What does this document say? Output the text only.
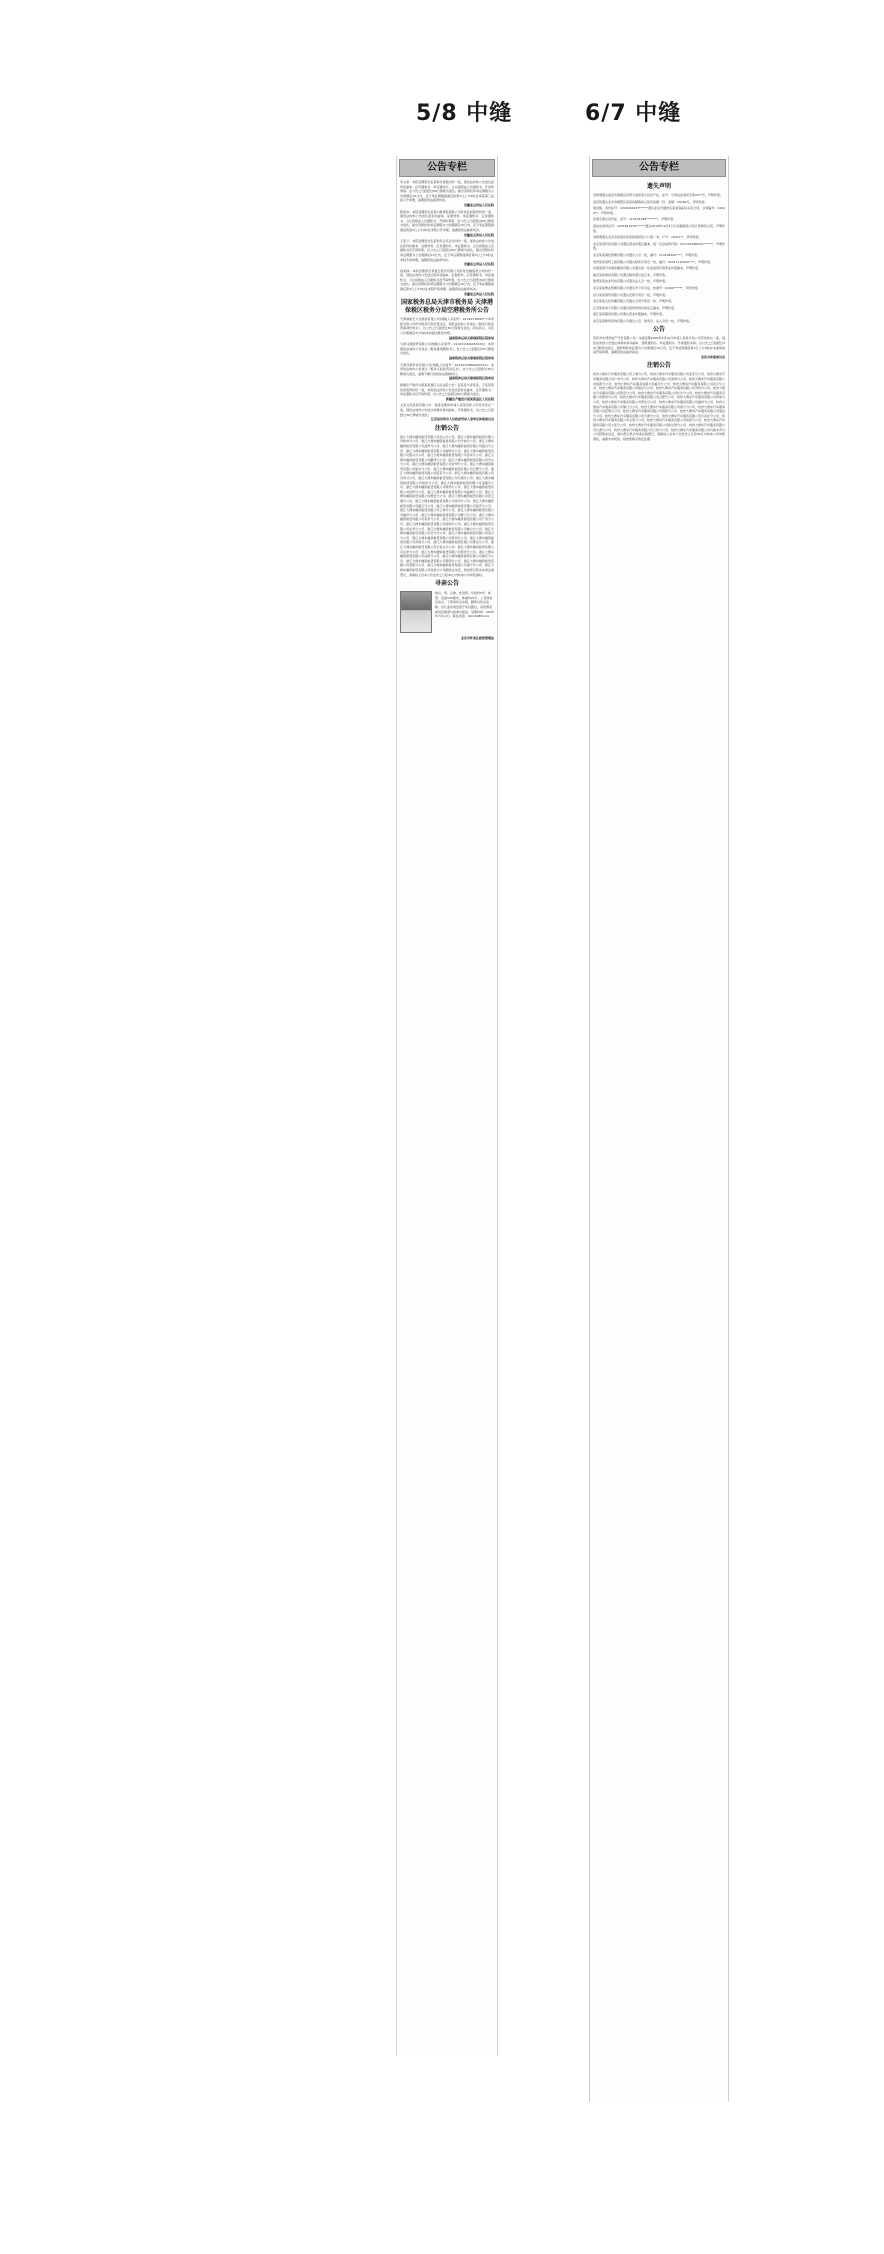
5/8 中缝	6/7 中缝
公告专栏
李文某：本院受理原告张某诉你离婚纠纷一案，现依法向你公告送达起诉状副本、应诉通知书、举证通知书、合议庭组成人员通知书、开庭传票等。自公告之日起经过60日即视为送达。提出答辩状和举证期限为公告期满后15日内，定于举证期限届满后的第3日上午9时在本院第三法庭公开审理，逾期将依法缺席判决。
安徽省五河县人民法院
陈某伟：本院受理原告某某小额贷款有限公司诉你民间借贷纠纷一案，现依法向你公告送达起诉状副本、证据材料、举证通知书、应诉通知书、合议庭组成人员通知书、开庭传票等。自公告之日起经过60日即视为送达。提出答辩状和举证期限为公告期满后15日内，定于举证期限届满后的第3日上午9时在本院公开审理，逾期将依法缺席判决。
安徽省五河县人民法院
王某兰：本院受理原告张某诉你买卖合同纠纷一案，现依法向你公告送达起诉状副本、证据材料、应诉通知书、举证通知书、合议庭组成人员通知书及开庭传票。自公告之日起经过60日即视为送达，提出答辩状和举证期限为公告期满后15日内，定于举证期限届满后第3日上午9时在本院开庭审理，逾期将依法缺席判决。
安徽省五河县人民法院
钱某林：本院受理原告某银行股份有限公司诉你金融借款合同纠纷一案，现依法向你公告送达起诉状副本、证据材料、应诉通知书、举证通知书、合议庭组成人员通知书及开庭传票。自公告之日起经过60日即视为送达。提出答辩状和举证期限为公告期满后15日内，定于举证期限届满后第3日上午9时在本院开庭审理，逾期将依法缺席判决。
安徽省五河县人民法院
国家税务总局天津市税务局 天津港保税区税务分局空港税务所公告
天津港航空大化新能有限公司(纳税人识别号：91120118MA**):本所拟对你公司作出税务行政处罚决定，现依法向你公告送达《税务行政处罚事项告知书》，自公告之日起经过30日即视为送达。如有异议，可在公告期满后3日内向本局提出陈述申辩。
国家税务总局天津港保税区税务局
天津马网商贸有限公司(纳税人识别号：9112011MA06XXXX)：本所现依法向你公告送达《税务事项通知书》，自公告之日起经过30日即视为送达。
国家税务总局天津港保税区税务局
天津佳新科技有限公司(纳税人识别号：91120118MA06XXXX)：本所依法向你公告送达《税务行政处罚决定书》，自公告之日起经过30日即视为送达，逾期不履行的将依法强制执行。
国家税务总局天津港保税区税务局
新疆生产建设兵团某某垦区人民法院公告：张某某与李某某、王某某等民间借贷纠纷一案，本院依法向你公告送达起诉状副本、应诉通知书、举证通知书及开庭传票，自公告之日起经过60日即视为送达。
新疆生产建设兵团某某垦区人民法院
文某文化投资有限公司：我委受理的申请人某某诉你公司劳动争议一案，现依法向你公告送达仲裁申请书副本、开庭通知书，自公告之日起经过30日即视为送达。
江苏省常州市人民政府劳动人事争议仲裁委员会
注销公告
浙江大搜车融资租赁有限公司北山分公司、浙江大搜车融资租赁有限公司杭州分公司、浙江大搜车融资租赁有限公司宁波分公司、浙江大搜车融资租赁有限公司温州分公司、浙江大搜车融资租赁有限公司嘉兴分公司、浙江大搜车融资租赁有限公司湖州分公司、浙江大搜车融资租赁有限公司绍兴分公司、浙江大搜车融资租赁有限公司金华分公司、浙江大搜车融资租赁有限公司衢州分公司、浙江大搜车融资租赁有限公司舟山分公司、浙江大搜车融资租赁有限公司台州分公司、浙江大搜车融资租赁有限公司丽水分公司、浙江大搜车融资租赁有限公司合肥分公司、浙江大搜车融资租赁有限公司南京分公司、浙江大搜车融资租赁有限公司苏州分公司、浙江大搜车融资租赁有限公司无锡分公司、浙江大搜车融资租赁有限公司常州分公司、浙江大搜车融资租赁有限公司南通分公司、浙江大搜车融资租赁有限公司徐州分公司、浙江大搜车融资租赁有限公司扬州分公司、浙江大搜车融资租赁有限公司盐城分公司、浙江大搜车融资租赁有限公司淮安分公司、浙江大搜车融资租赁有限公司连云港分公司、浙江大搜车融资租赁有限公司泰州分公司、浙江大搜车融资租赁有限公司镇江分公司、浙江大搜车融资租赁有限公司宿迁分公司、浙江大搜车融资租赁有限公司上海分公司、浙江大搜车融资租赁有限公司福州分公司、浙江大搜车融资租赁有限公司厦门分公司、浙江大搜车融资租赁有限公司泉州分公司、浙江大搜车融资租赁有限公司广州分公司、浙江大搜车融资租赁有限公司深圳分公司、浙江大搜车融资租赁有限公司东莞分公司、浙江大搜车融资租赁有限公司佛山分公司、浙江大搜车融资租赁有限公司长沙分公司、浙江大搜车融资租赁有限公司武汉分公司、浙江大搜车融资租赁有限公司郑州分公司、浙江大搜车融资租赁有限公司济南分公司、浙江大搜车融资租赁有限公司青岛分公司、浙江大搜车融资租赁有限公司石家庄分公司、浙江大搜车融资租赁有限公司太原分公司、浙江大搜车融资租赁有限公司西安分公司、浙江大搜车融资租赁有限公司成都分公司、浙江大搜车融资租赁有限公司重庆分公司、浙江大搜车融资租赁有限公司昆明分公司、浙江大搜车融资租赁有限公司贵阳分公司、浙江大搜车融资租赁有限公司南宁分公司、浙江大搜车融资租赁有限公司南昌分公司经股东决定，拟向登记机关申请注销登记，请债权人自本公告发布之日起45日内向本公司申报债权。
寻亲公告
姚兵，男，汉族，性别男，年龄约5岁，体型：身高105厘米，体重约22斤，上穿绿色运动衣，下穿绿色运动裤，脚穿白色运动鞋。该儿童系被发现于某村路边，有知情者或其亲属请与我单位联系。受理时间：2025年7月12日。联系电话：010-6985xxxx
北京市怀柔区救助管理站
公告专栏
遗失声明
吴智明遗失南京市建邺区河西大街某某小区房产证，证号：宁房权证建初字第20**号，声明作废。
昌及筑遗失北京市朝阳区某某房屋购房合同及收据一份，金额：23180元，声明作废。
周会骏，身份证号：4304261973******遗失北京市通州区某某商品房买卖合同，合同编号：X4420**，声明作废。
张明冬遗失身份证，证号：110105198********，声明作废。
高成东身份证号：2201821979******遗失2019年10月1日与房屋销售方签订的购房合同，声明作废。
刘建明遗失北京市某某区某某街道居民户口簿一本，户号：10011**，声明作废。
北京某某科技有限公司遗失营业执照正副本，统一社会信用代码：91110108MA01******，声明作废。
北京某某餐饮管理有限公司遗失公章一枚，编号：110108100****，声明作废。
贵州某某建筑工程有限公司遗失财务专用章一枚，编号：52011110000****，声明作废。
河南某某汽车销售服务有限公司遗失统一社会信用代码营业执照副本，声明作废。
重庆某某建材有限公司遗失税务登记证正本，声明作废。
陕西某某农业科技有限公司遗失法人章一枚，声明作废。
北京某某物业管理有限公司遗失开户许可证，核准号：J1000******，声明作废。
四川某某商贸有限公司遗失发票专用章一枚，声明作废。
北京某某文化传播有限公司遗失合同专用章一枚，声明作废。
江苏某某电子有限公司遗失组织机构代码证正副本，声明作废。
浙江某某服饰有限公司遗失营业执照副本，声明作废。
北京某某教育咨询有限公司遗失公章、财务章、法人章各一枚，声明作废。
公告
雪花市华邦房地产开发有限公司：本委受理2025年6月10日申请人某某与你公司劳动争议一案，现依法向你公告送达仲裁申请书副本、答辩通知书、举证通知书、开庭通知书等。自公告之日起经过30日即视为送达，答辩期和举证期为公告期满后10日内，定于举证期满后第3日上午9时在本委仲裁庭开庭审理，逾期将依法缺席裁决。
雪花市仲裁委员会
注销公告
杭州大搜车汽车服务有限公司上海分公司、杭州大搜车汽车服务有限公司北京分公司、杭州大搜车汽车服务有限公司广州分公司、杭州大搜车汽车服务有限公司深圳分公司、杭州大搜车汽车服务有限公司成都分公司、杭州大搜车汽车服务有限公司重庆分公司、杭州大搜车汽车服务有限公司武汉分公司、杭州大搜车汽车服务有限公司南京分公司、杭州大搜车汽车服务有限公司苏州分公司、杭州大搜车汽车服务有限公司西安分公司、杭州大搜车汽车服务有限公司长沙分公司、杭州大搜车汽车服务有限公司郑州分公司、杭州大搜车汽车服务有限公司合肥分公司、杭州大搜车汽车服务有限公司济南分公司、杭州大搜车汽车服务有限公司青岛分公司、杭州大搜车汽车服务有限公司福州分公司、杭州大搜车汽车服务有限公司厦门分公司、杭州大搜车汽车服务有限公司南宁分公司、杭州大搜车汽车服务有限公司昆明分公司、杭州大搜车汽车服务有限公司贵阳分公司、杭州大搜车汽车服务有限公司南昌分公司、杭州大搜车汽车服务有限公司天津分公司、杭州大搜车汽车服务有限公司石家庄分公司、杭州大搜车汽车服务有限公司太原分公司、杭州大搜车汽车服务有限公司沈阳分公司、杭州大搜车汽车服务有限公司大连分公司、杭州大搜车汽车服务有限公司哈尔滨分公司、杭州大搜车汽车服务有限公司长春分公司、杭州大搜车汽车服务有限公司兰州分公司、杭州大搜车汽车服务有限公司乌鲁木齐分公司经股东决定，拟向登记机关申请注销登记，请债权人自本公告发布之日起45日内向本公司申报债权，逾期未申报的，将按照相关规定处理。
